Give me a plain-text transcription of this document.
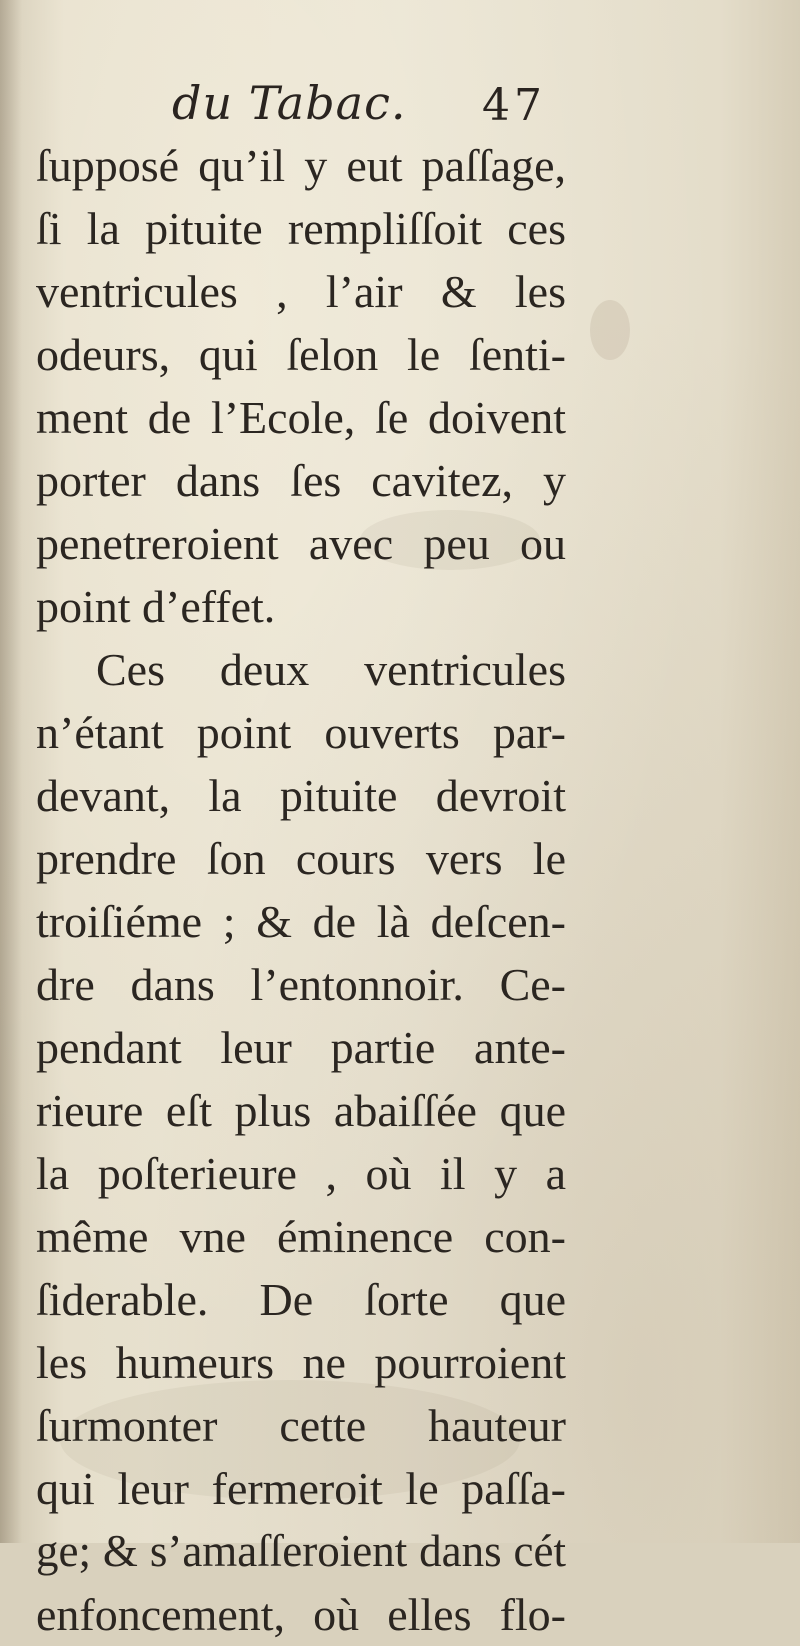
du Tabac. 47
ſupposé qu’il y eut paſſage,
ſi la pituite rempliſſoit ces
ventricules , l’air & les
odeurs, qui ſelon le ſenti-
ment de l’Ecole, ſe doivent
porter dans ſes cavitez, y
penetreroient avec peu ou
point d’effet.
Ces deux ventricules
n’étant point ouverts par-
devant, la pituite devroit
prendre ſon cours vers le
troiſiéme ; & de là deſcen-
dre dans l’entonnoir. Ce-
pendant leur partie ante-
rieure eſt plus abaiſſée que
la poſterieure , où il y a
même vne éminence con-
ſiderable. De ſorte que
les humeurs ne pourroient
ſurmonter cette hauteur
qui leur fermeroit le paſſa-
ge; & s’amaſſeroient dans cét
enfoncement, où elles flo-
